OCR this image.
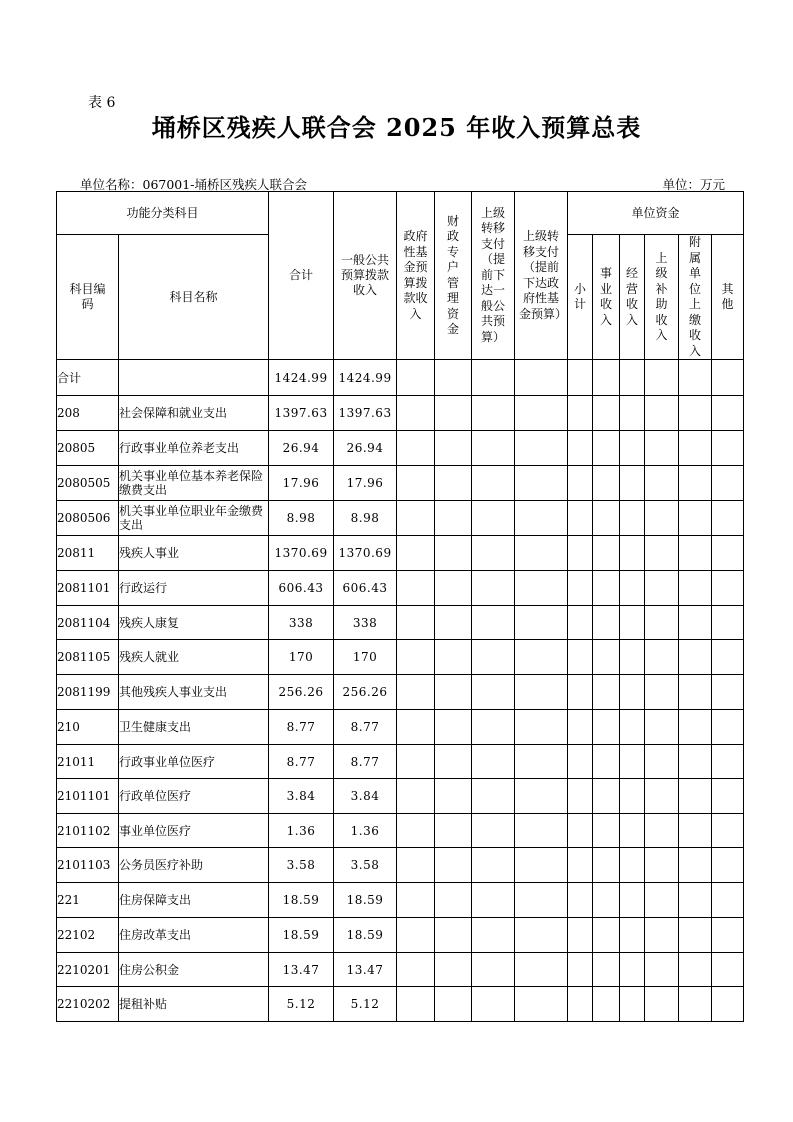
表 6
埇桥区残疾人联合会 2025 年收入预算总表
单位名称：067001-埇桥区残疾人联合会	单位：万元
功能分类科目		合计	一般公共预算拨款收入	政府性基金预算拨款收入	财政专户管理资金	上级转移支付（提前下达一般公共预算）	上级转移支付（提前下达政府性基金预算）	单位资金					
科目编码	科目名称							小计	事业收入	经营收入	上级补助收入	附属单位上缴收入	其他
合计		1424.99	1424.99										
208	社会保障和就业支出	1397.63	1397.63										
20805	行政事业单位养老支出	26.94	26.94										
2080505	机关事业单位基本养老保险缴费支出	17.96	17.96										
2080506	机关事业单位职业年金缴费支出	8.98	8.98										
20811	残疾人事业	1370.69	1370.69										
2081101	行政运行	606.43	606.43										
2081104	残疾人康复	338	338										
2081105	残疾人就业	170	170										
2081199	其他残疾人事业支出	256.26	256.26										
210	卫生健康支出	8.77	8.77										
21011	行政事业单位医疗	8.77	8.77										
2101101	行政单位医疗	3.84	3.84										
2101102	事业单位医疗	1.36	1.36										
2101103	公务员医疗补助	3.58	3.58										
221	住房保障支出	18.59	18.59										
22102	住房改革支出	18.59	18.59										
2210201	住房公积金	13.47	13.47										
2210202	提租补贴	5.12	5.12										
